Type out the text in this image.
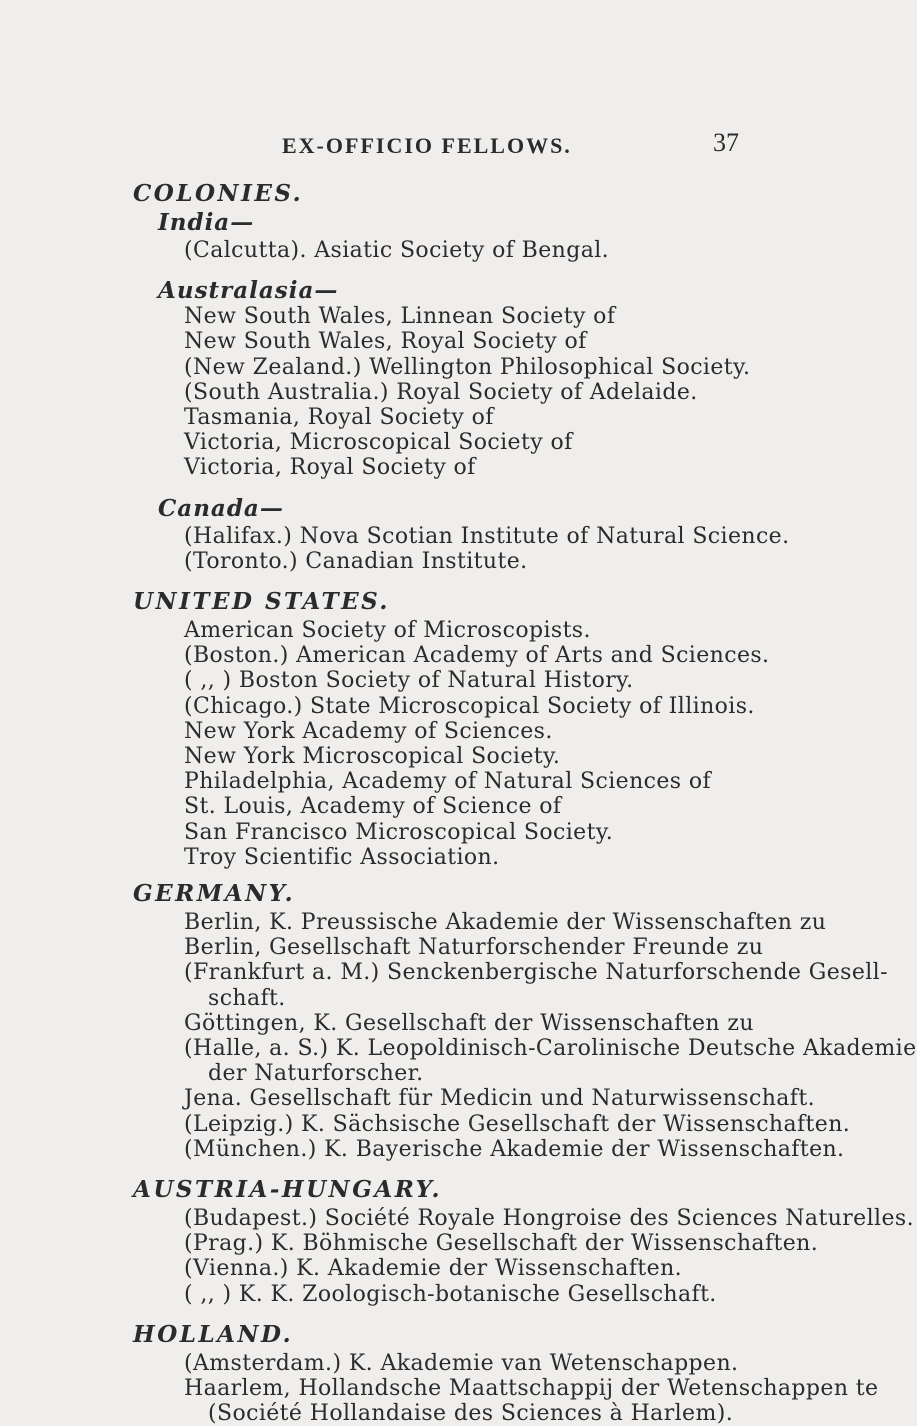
EX-OFFICIO FELLOWS.	37
COLONIES.
India—
(Calcutta). Asiatic Society of Bengal.
Australasia—
New South Wales, Linnean Society of
New South Wales, Royal Society of
(New Zealand.) Wellington Philosophical Society.
(South Australia.) Royal Society of Adelaide.
Tasmania, Royal Society of
Victoria, Microscopical Society of
Victoria, Royal Society of
Canada—
(Halifax.) Nova Scotian Institute of Natural Science.
(Toronto.) Canadian Institute.
UNITED STATES.
American Society of Microscopists.
(Boston.) American Academy of Arts and Sciences.
( ,, ) Boston Society of Natural History.
(Chicago.) State Microscopical Society of Illinois.
New York Academy of Sciences.
New York Microscopical Society.
Philadelphia, Academy of Natural Sciences of
St. Louis, Academy of Science of
San Francisco Microscopical Society.
Troy Scientific Association.
GERMANY.
Berlin, K. Preussische Akademie der Wissenschaften zu
Berlin, Gesellschaft Naturforschender Freunde zu
(Frankfurt a. M.) Senckenbergische Naturforschende Gesell-
schaft.
Göttingen, K. Gesellschaft der Wissenschaften zu
(Halle, a. S.) K. Leopoldinisch-Carolinische Deutsche Akademie
der Naturforscher.
Jena. Gesellschaft für Medicin und Naturwissenschaft.
(Leipzig.) K. Sächsische Gesellschaft der Wissenschaften.
(München.) K. Bayerische Akademie der Wissenschaften.
AUSTRIA-HUNGARY.
(Budapest.) Société Royale Hongroise des Sciences Naturelles.
(Prag.) K. Böhmische Gesellschaft der Wissenschaften.
(Vienna.) K. Akademie der Wissenschaften.
( ,, ) K. K. Zoologisch-botanische Gesellschaft.
HOLLAND.
(Amsterdam.) K. Akademie van Wetenschappen.
Haarlem, Hollandsche Maattschappij der Wetenschappen te
(Société Hollandaise des Sciences à Harlem).
